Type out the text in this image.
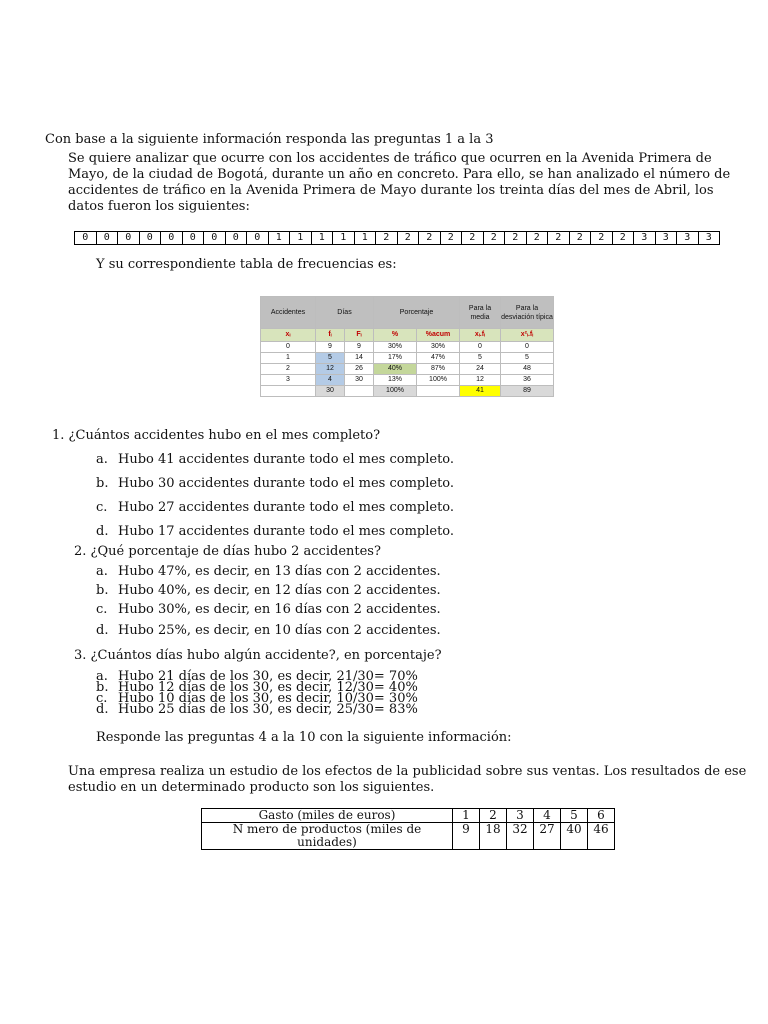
Con base a la siguiente información responda las preguntas 1 a la 3
Se quiere analizar que ocurre con los accidentes de tráfico que ocurren en la Avenida Primera de Mayo, de la ciudad de Bogotá, durante un año en concreto. Para ello, se han analizado el número de accidentes de tráfico en la Avenida Primera de Mayo durante los treinta días del mes de Abril, los datos fueron los siguientes:
0	0	0	0	0	0	0	0	0	1	1	1	1	1	2	2	2	2	2	2	2	2	2	2	2	2	3	3	3	3
Y su correspondiente tabla de frecuencias es:
Accidentes	Días		Porcentaje		Para la media	Para la desviación típica
xᵢ	fᵢ	Fᵢ	%	%acum	xᵢ.fᵢ	x²ᵢ.fᵢ
0	9	9	30%	30%	0	0
1	5	14	17%	47%	5	5
2	12	26	40%	87%	24	48
3	4	30	13%	100%	12	36
	30		100%		41	89
1. ¿Cuántos accidentes hubo en el mes completo?
a. Hubo 41 accidentes durante todo el mes completo.
b. Hubo 30 accidentes durante todo el mes completo.
c. Hubo 27 accidentes durante todo el mes completo.
d. Hubo 17 accidentes durante todo el mes completo.
2. ¿Qué porcentaje de días hubo 2 accidentes?
a. Hubo 47%, es decir, en 13 días con 2 accidentes.
b. Hubo 40%, es decir, en 12 días con 2 accidentes.
c. Hubo 30%, es decir, en 16 días con 2 accidentes.
d. Hubo 25%, es decir, en 10 días con 2 accidentes.
3. ¿Cuántos días hubo algún accidente?, en porcentaje?
a. Hubo 21 días de los 30, es decir, 21/30= 70%
b. Hubo 12 días de los 30, es decir, 12/30= 40%
c. Hubo 10 días de los 30, es decir, 10/30= 30%
d. Hubo 25 días de los 30, es decir, 25/30= 83%
Responde las preguntas 4 a la 10 con la siguiente información:
Una empresa realiza un estudio de los efectos de la publicidad sobre sus ventas. Los resultados de ese estudio en un determinado producto son los siguientes.
Gasto (miles de euros)	1	2	3	4	5	6
N mero de productos (miles de unidades)	9	18	32	27	40	46
